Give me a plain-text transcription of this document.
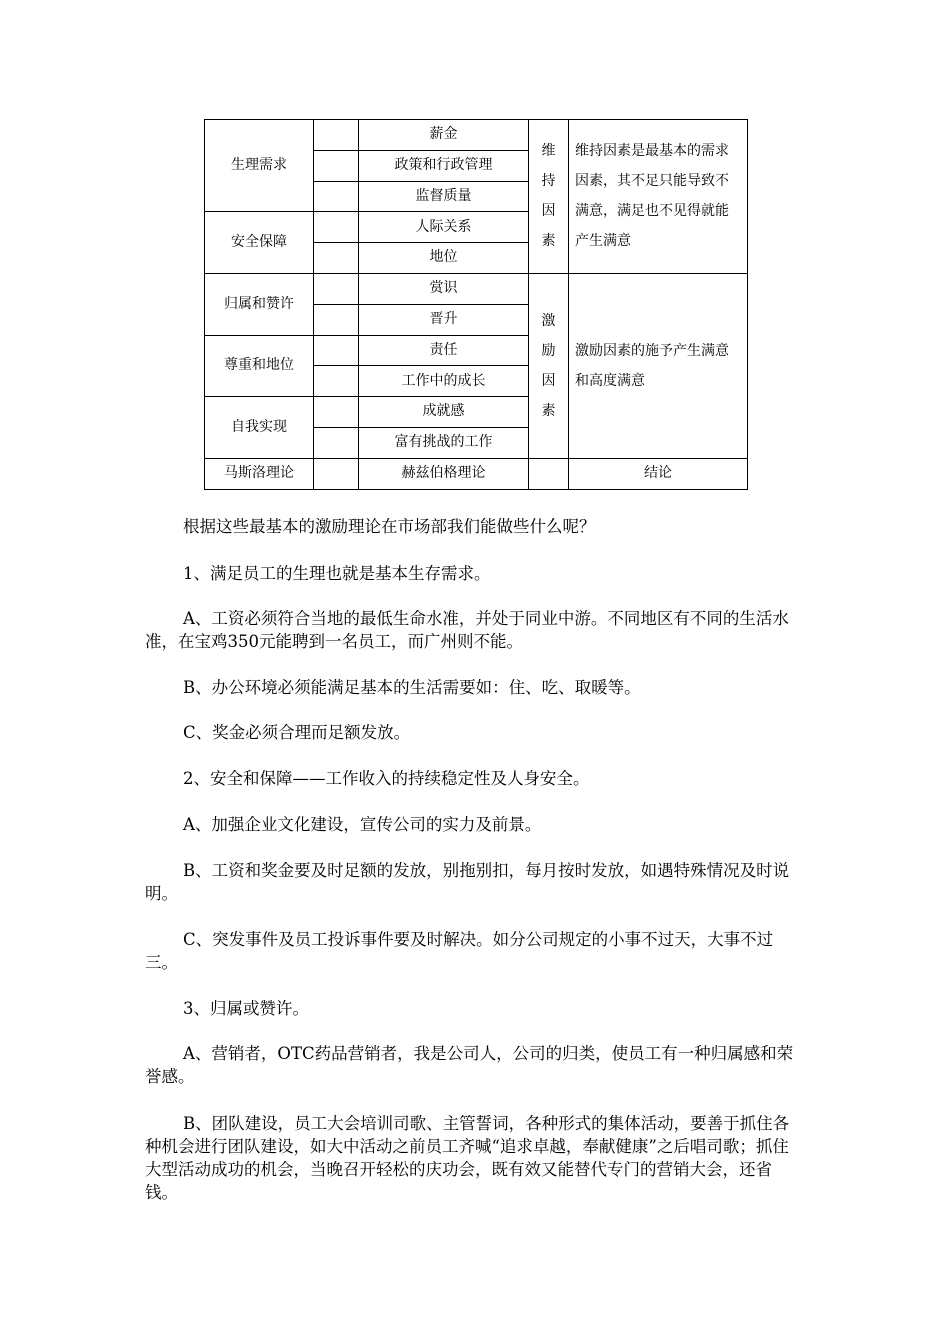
生理需求		薪金	维持因素	维持因素是最基本的需求因素，其不足只能导致不满意，满足也不见得就能产生满意

		政策和行政管理		
		监督质量		
安全保障		人际关系		
		地位		
归属和赞许		赏识	激励因素	激励因素的施予产生满意和高度满意

		晋升		
尊重和地位		责任		
		工作中的成长		
自我实现		成就感		
		富有挑战的工作		
马斯洛理论		赫兹伯格理论		结论

根据这些最基本的激励理论在市场部我们能做些什么呢？

1、满足员工的生理也就是基本生存需求。

A、工资必须符合当地的最低生命水准，并处于同业中游。不同地区有不同的生活水准，在宝鸡350元能聘到一名员工，而广州则不能。

B、办公环境必须能满足基本的生活需要如：住、吃、取暖等。

C、奖金必须合理而足额发放。

2、安全和保障——工作收入的持续稳定性及人身安全。

A、加强企业文化建设，宣传公司的实力及前景。

B、工资和奖金要及时足额的发放，别拖别扣，每月按时发放，如遇特殊情况及时说明。

C、突发事件及员工投诉事件要及时解决。如分公司规定的小事不过天，大事不过三。

3、归属或赞许。

A、营销者，OTC药品营销者，我是公司人，公司的归类，使员工有一种归属感和荣誉感。

B、团队建设，员工大会培训司歌、主管誓词，各种形式的集体活动，要善于抓住各种机会进行团队建设，如大中活动之前员工齐喊“追求卓越，奉献健康”之后唱司歌；抓住大型活动成功的机会，当晚召开轻松的庆功会，既有效又能替代专门的营销大会，还省钱。
